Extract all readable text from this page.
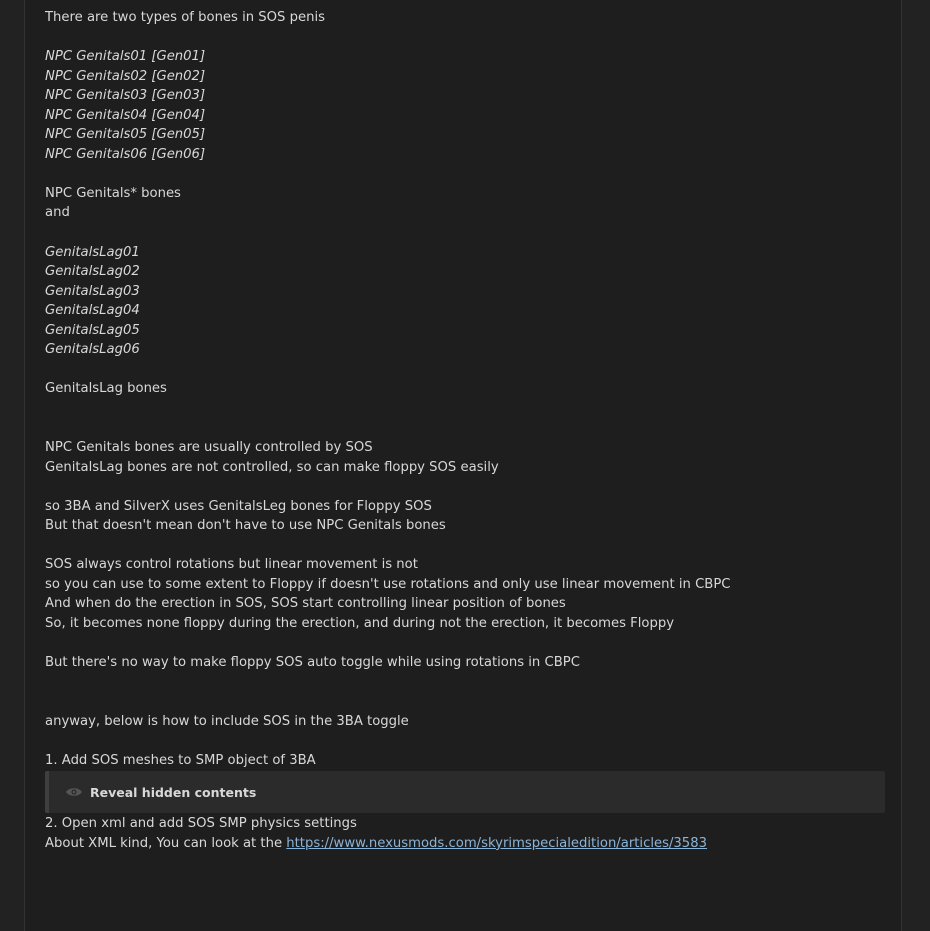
There are two types of bones in SOS penis
NPC Genitals01 [Gen01]
NPC Genitals02 [Gen02]
NPC Genitals03 [Gen03]
NPC Genitals04 [Gen04]
NPC Genitals05 [Gen05]
NPC Genitals06 [Gen06]
NPC Genitals* bones
and
GenitalsLag01
GenitalsLag02
GenitalsLag03
GenitalsLag04
GenitalsLag05
GenitalsLag06
GenitalsLag bones
NPC Genitals bones are usually controlled by SOS
GenitalsLag bones are not controlled, so can make floppy SOS easily
so 3BA and SilverX uses GenitalsLeg bones for Floppy SOS
But that doesn't mean don't have to use NPC Genitals bones
SOS always control rotations but linear movement is not
so you can use to some extent to Floppy if doesn't use rotations and only use linear movement in CBPC
And when do the erection in SOS, SOS start controlling linear position of bones
So, it becomes none floppy during the erection, and during not the erection, it becomes Floppy
But there's no way to make floppy SOS auto toggle while using rotations in CBPC
anyway, below is how to include SOS in the 3BA toggle
1. Add SOS meshes to SMP object of 3BA
Reveal hidden contents
2. Open xml and add SOS SMP physics settings
About XML kind, You can look at the https://www.nexusmods.com/skyrimspecialedition/articles/3583
